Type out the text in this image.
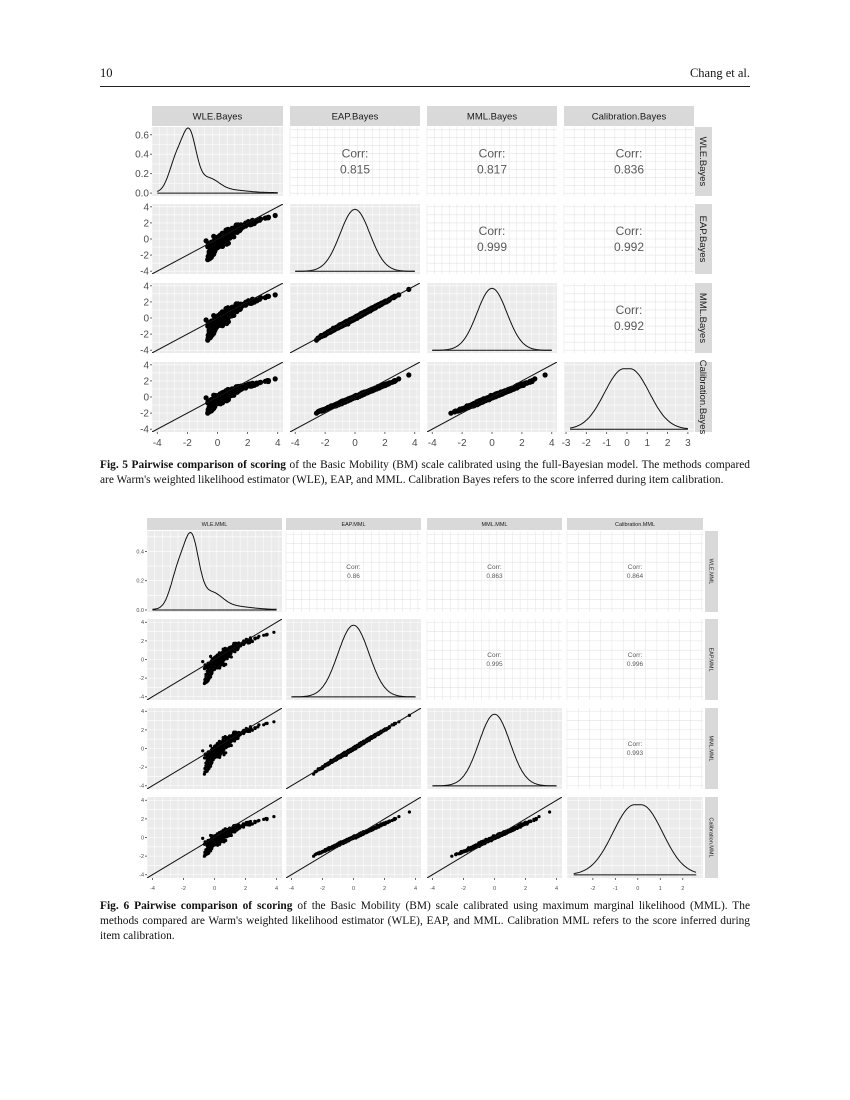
10	Chang et al.
WLE.Bayes
WLE.Bayes
EAP.Bayes
EAP.Bayes
MML.Bayes
MML.Bayes
Calibration.Bayes
Calibration.Bayes
0.0
0.2
0.4
0.6
Corr:
0.815
Corr:
0.817
Corr:
0.836
-4
-2
0
2
4
Corr:
0.999
Corr:
0.992
-4
-2
0
2
4
Corr:
0.992
-4
-2
0
2
4
-4 -2 0 2 4 -4 -2 0 2 4 -4 -2 0 2 4 -3 -2 -1 0 1 2 3
WLE.MML
WLE.MML
EAP.MML
EAP.MML
MML.MML
MML.MML
Calibration.MML
Calibration.MML
0.0
0.2
0.4
Corr:
0.86
Corr:
0.863
Corr:
0.864
-4
-2
0
2
4
Corr:
0.995
Corr:
0.996
-4
-2
0
2
4
Corr:
0.993
-4
-2
0
2
4
-4	-2	0	2	4 -4	-2	0	2	4 -4	-2	0	2	4	-2	-1	0	1	2
Fig. 5 Pairwise comparison of scoring of the Basic Mobility (BM) scale calibrated using the full-Bayesian model. The methods compared are Warm's weighted likelihood estimator (WLE), EAP, and MML. Calibration Bayes refers to the score inferred during item calibration.
Fig. 6 Pairwise comparison of scoring of the Basic Mobility (BM) scale calibrated using maximum marginal likelihood (MML). The methods compared are Warm's weighted likelihood estimator (WLE), EAP, and MML. Calibration MML refers to the score inferred during item calibration.
